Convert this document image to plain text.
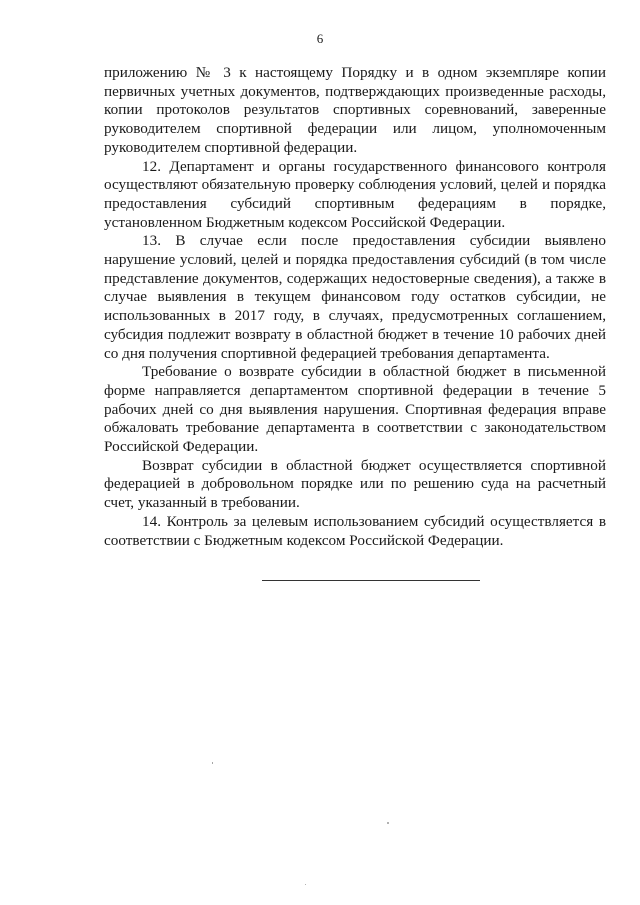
6

приложению № 3 к настоящему Порядку и в одном экземпляре копии первичных учетных документов, подтверждающих произведенные расходы, копии протоколов результатов спортивных соревнований, заверенные руководителем спортивной федерации или лицом, уполномоченным руководителем спортивной федерации.

12. Департамент и органы государственного финансового контроля осуществляют обязательную проверку соблюдения условий, целей и порядка предоставления субсидий спортивным федерациям в порядке, установленном Бюджетным кодексом Российской Федерации.

13. В случае если после предоставления субсидии выявлено нарушение условий, целей и порядка предоставления субсидий (в том числе представление документов, содержащих недостоверные сведения), а также в случае выявления в текущем финансовом году остатков субсидии, не использованных в 2017 году, в случаях, предусмотренных соглашением, субсидия подлежит возврату в областной бюджет в течение 10 рабочих дней со дня получения спортивной федерацией требования департамента.

Требование о возврате субсидии в областной бюджет в письменной форме направляется департаментом спортивной федерации в течение 5 рабочих дней со дня выявления нарушения. Спортивная федерация вправе обжаловать требование департамента в соответствии с законодательством Российской Федерации.

Возврат субсидии в областной бюджет осуществляется спортивной федерацией в добровольном порядке или по решению суда на расчетный счет, указанный в требовании.

14. Контроль за целевым использованием субсидий осуществляется в соответствии с Бюджетным кодексом Российской Федерации.
